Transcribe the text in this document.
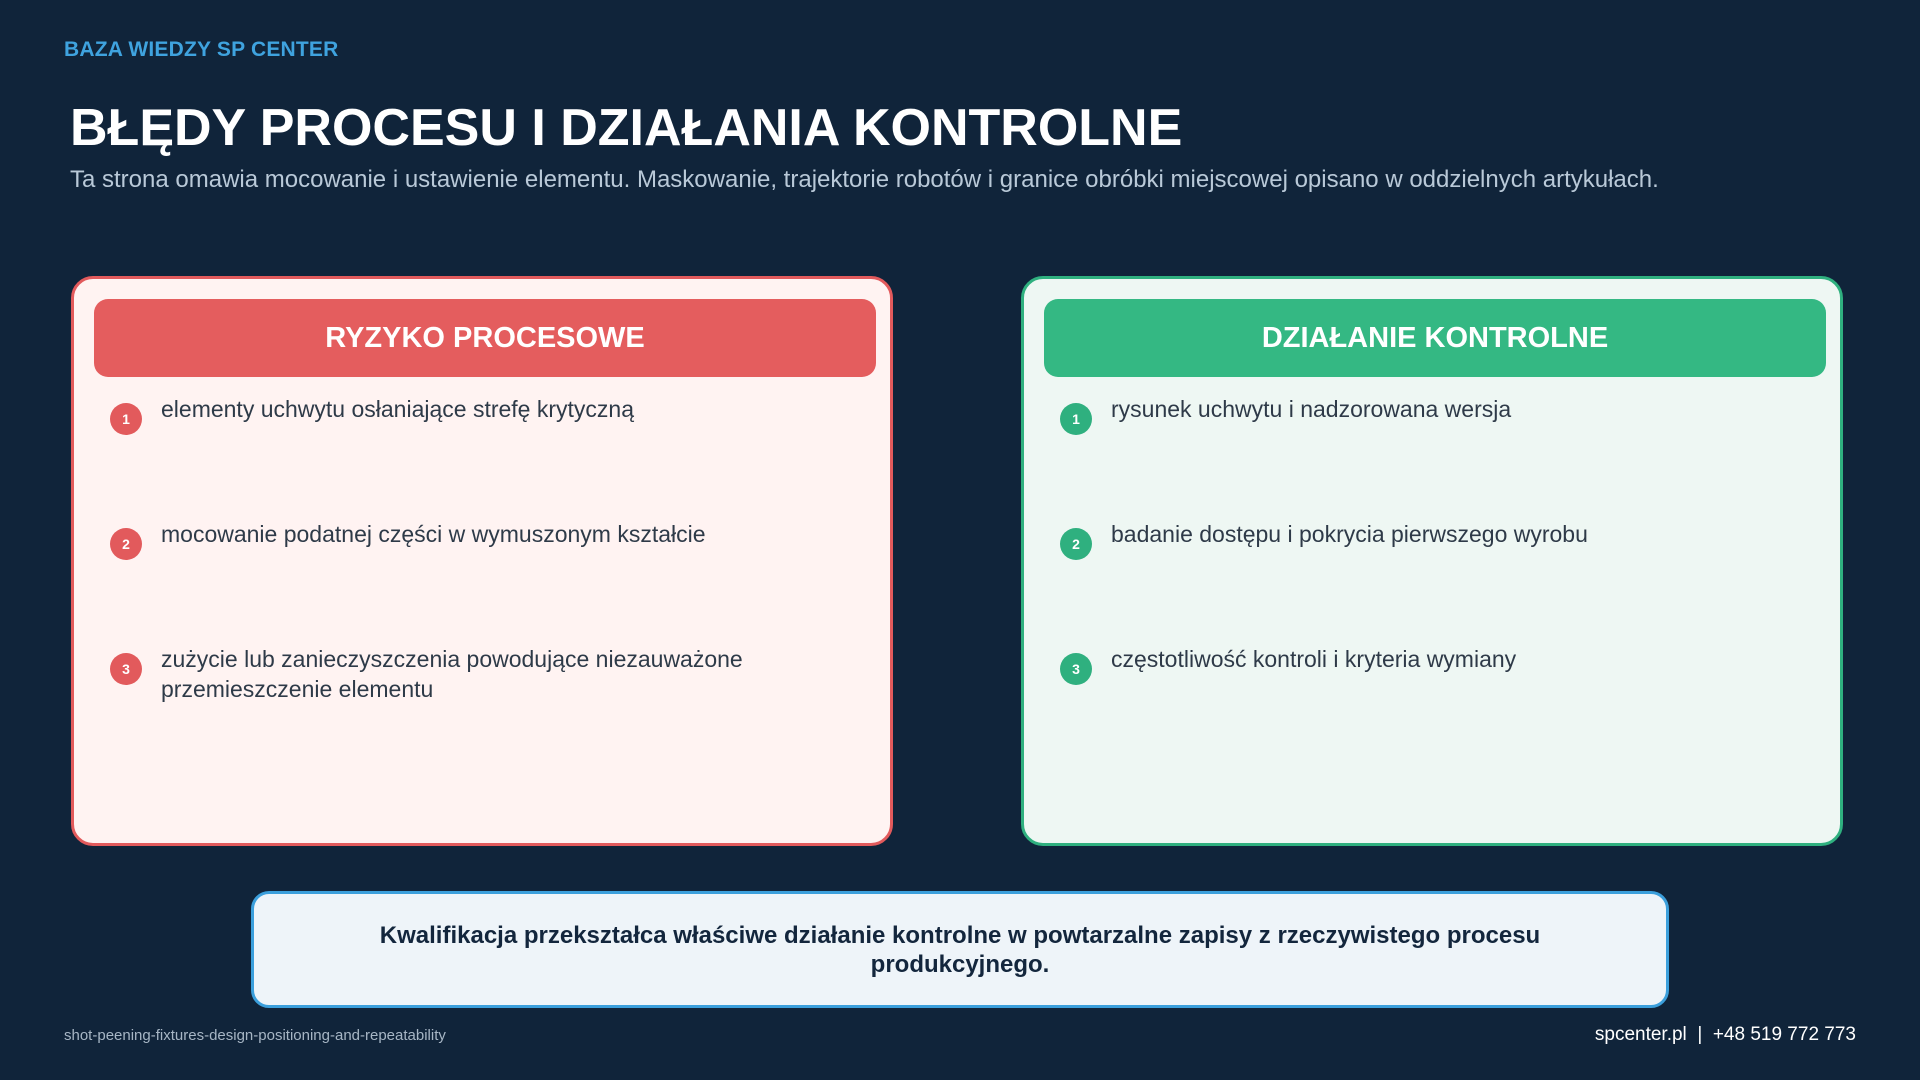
BAZA WIEDZY SP CENTER
BŁĘDY PROCESU I DZIAŁANIA KONTROLNE
Ta strona omawia mocowanie i ustawienie elementu. Maskowanie, trajektorie robotów i granice obróbki miejscowej opisano w oddzielnych artykułach.
RYZYKO PROCESOWE
1	elementy uchwytu osłaniające strefę krytyczną
2	mocowanie podatnej części w wymuszonym kształcie
3	zużycie lub zanieczyszczenia powodujące niezauważone przemieszczenie elementu
DZIAŁANIE KONTROLNE
1	rysunek uchwytu i nadzorowana wersja
2	badanie dostępu i pokrycia pierwszego wyrobu
3	częstotliwość kontroli i kryteria wymiany
Kwalifikacja przekształca właściwe działanie kontrolne w powtarzalne zapisy z rzeczywistego procesu produkcyjnego.
shot-peening-fixtures-design-positioning-and-repeatability	spcenter.pl  |  +48 519 772 773
